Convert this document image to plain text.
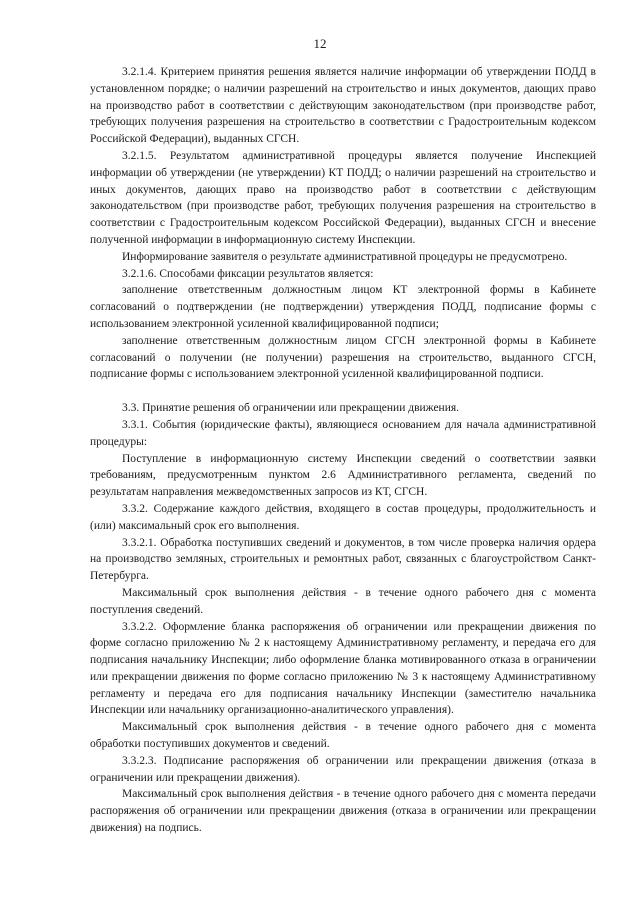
12

3.2.1.4. Критерием принятия решения является наличие информации об утверждении ПОДД в установленном порядке; о наличии разрешений на строительство и иных документов, дающих право на производство работ в соответствии с действующим законодательством (при производстве работ, требующих получения разрешения на строительство в соответствии с Градостроительным кодексом Российской Федерации), выданных СГСН.

3.2.1.5. Результатом административной процедуры является получение Инспекцией информации об утверждении (не утверждении) КТ ПОДД; о наличии разрешений на строительство и иных документов, дающих право на производство работ в соответствии с действующим законодательством (при производстве работ, требующих получения разрешения на строительство в соответствии с Градостроительным кодексом Российской Федерации), выданных СГСН и внесение полученной информации в информационную систему Инспекции.

Информирование заявителя о результате административной процедуры не предусмотрено.

3.2.1.6. Способами фиксации результатов является:

заполнение ответственным должностным лицом КТ электронной формы в Кабинете согласований о подтверждении (не подтверждении) утверждения ПОДД, подписание формы с использованием электронной усиленной квалифицированной подписи;

заполнение ответственным должностным лицом СГСН электронной формы в Кабинете согласований о получении (не получении) разрешения на строительство, выданного СГСН, подписание формы с использованием электронной усиленной квалифицированной подписи.

3.3. Принятие решения об ограничении или прекращении движения.

3.3.1. События (юридические факты), являющиеся основанием для начала административной процедуры:

Поступление в информационную систему Инспекции сведений о соответствии заявки требованиям, предусмотренным пунктом 2.6 Административного регламента, сведений по результатам направления межведомственных запросов из КТ, СГСН.

3.3.2. Содержание каждого действия, входящего в состав процедуры, продолжительность и (или) максимальный срок его выполнения.

3.3.2.1. Обработка поступивших сведений и документов, в том числе проверка наличия ордера на производство земляных, строительных и ремонтных работ, связанных с благоустройством Санкт-Петербурга.

Максимальный срок выполнения действия - в течение одного рабочего дня с момента поступления сведений.

3.3.2.2. Оформление бланка распоряжения об ограничении или прекращении движения по форме согласно приложению № 2 к настоящему Административному регламенту, и передача его для подписания начальнику Инспекции; либо оформление бланка мотивированного отказа в ограничении или прекращении движения по форме согласно приложению № 3 к настоящему Административному регламенту и передача его для подписания начальнику Инспекции (заместителю начальника Инспекции или начальнику организационно-аналитического управления).

Максимальный срок выполнения действия - в течение одного рабочего дня с момента обработки поступивших документов и сведений.

3.3.2.3. Подписание распоряжения об ограничении или прекращении движения (отказа в ограничении или прекращении движения).

Максимальный срок выполнения действия - в течение одного рабочего дня с момента передачи распоряжения об ограничении или прекращении движения (отказа в ограничении или прекращении движения) на подпись.
